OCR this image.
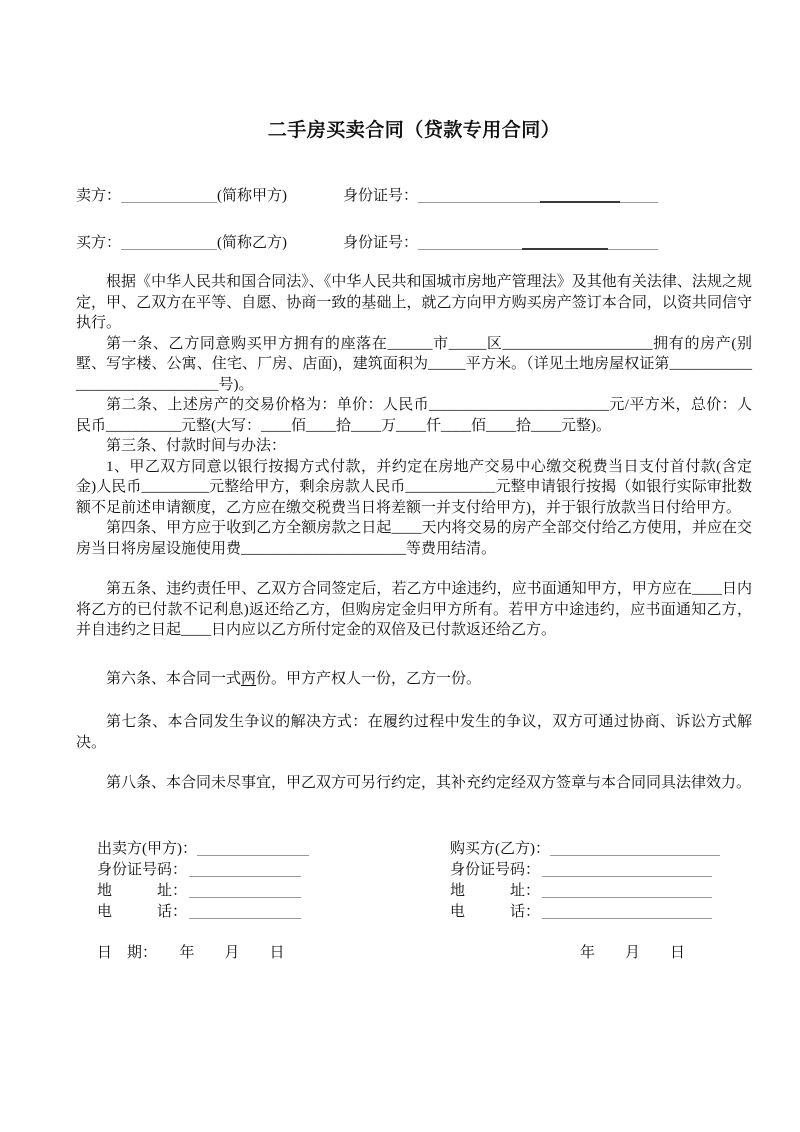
二手房买卖合同（贷款专用合同）
卖方：	(简称甲方)	身份证号：
买方：	(简称乙方)	身份证号：

根据《中华人民共和国合同法》、《中华人民共和国城市房地产管理法》及其他有关法律、法规之规定，甲、乙双方在平等、自愿、协商一致的基础上，就乙方向甲方购买房产签订本合同，以资共同信守执行。

第一条、乙方同意购买甲方拥有的座落在______市_____区____________________拥有的房产(别墅、写字楼、公寓、住宅、厂房、店面)，建筑面积为_____平方米。（详见土地房屋权证第______________________________号)。

第二条、上述房产的交易价格为：单价：人民币________________________元/平方米，总价：人民币__________元整(大写：____佰____拾____万____仟____佰____拾____元整)。

第三条、付款时间与办法：

1、甲乙双方同意以银行按揭方式付款，并约定在房地产交易中心缴交税费当日支付首付款(含定金)人民币_________元整给甲方，剩余房款人民币____________元整申请银行按揭（如银行实际审批数额不足前述申请额度，乙方应在缴交税费当日将差额一并支付给甲方)，并于银行放款当日付给甲方。

第四条、甲方应于收到乙方全额房款之日起____天内将交易的房产全部交付给乙方使用，并应在交房当日将房屋设施使用费______________________等费用结清。

第五条、违约责任甲、乙双方合同签定后，若乙方中途违约，应书面通知甲方，甲方应在____日内将乙方的已付款不记利息)返还给乙方，但购房定金归甲方所有。若甲方中途违约，应书面通知乙方，并自违约之日起____日内应以乙方所付定金的双倍及已付款返还给乙方。

第六条、本合同一式两份。甲方产权人一份，乙方一份。

第七条、本合同发生争议的解决方式：在履约过程中发生的争议，双方可通过协商、诉讼方式解决。

第八条、本合同未尽事宜，甲乙双方可另行约定，其补充约定经双方签章与本合同同具法律效力。

出卖方(甲方)：	购买方(乙方)：
身份证号码：	身份证号码：
地　　　址：	地　　　址：
电　　　话：	电　　　话：
日　期：　　年　　月　　日	年　　月　　日
